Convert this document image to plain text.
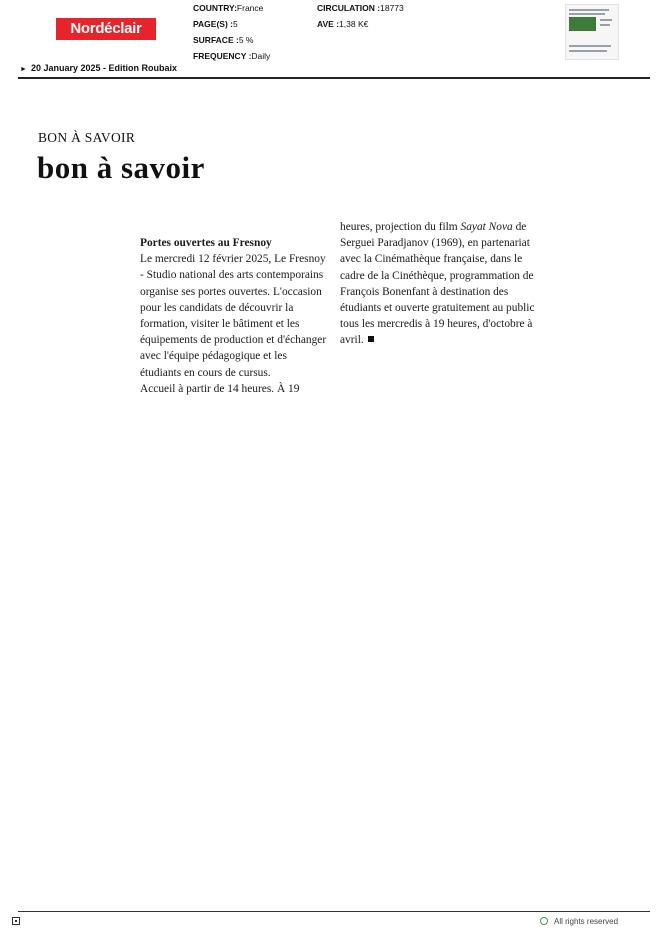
Nordéclair
COUNTRY:France
PAGE(S) :5
SURFACE :5 %
FREQUENCY :Daily
CIRCULATION :18773
AVE :1,38 K€
► 20 January 2025 - Edition Roubaix
BON À SAVOIR
bon à savoir

Portes ouvertes au Fresnoy

Le mercredi 12 février 2025, Le Fresnoy - Studio national des arts contemporains organise ses portes ouvertes. L'occasion pour les candidats de découvrir la formation, visiter le bâtiment et les équipements de production et d'échanger avec l'équipe pédagogique et les étudiants en cours de cursus.

Accueil à partir de 14 heures. À 19

heures, projection du film Sayat Nova de Serguei Paradjanov (1969), en partenariat avec la Cinémathèque française, dans le cadre de la Cinéthèque, programmation de François Bonenfant à destination des étudiants et ouverte gratuitement au public tous les mercredis à 19 heures, d'octobre à avril.

All rights reserved
